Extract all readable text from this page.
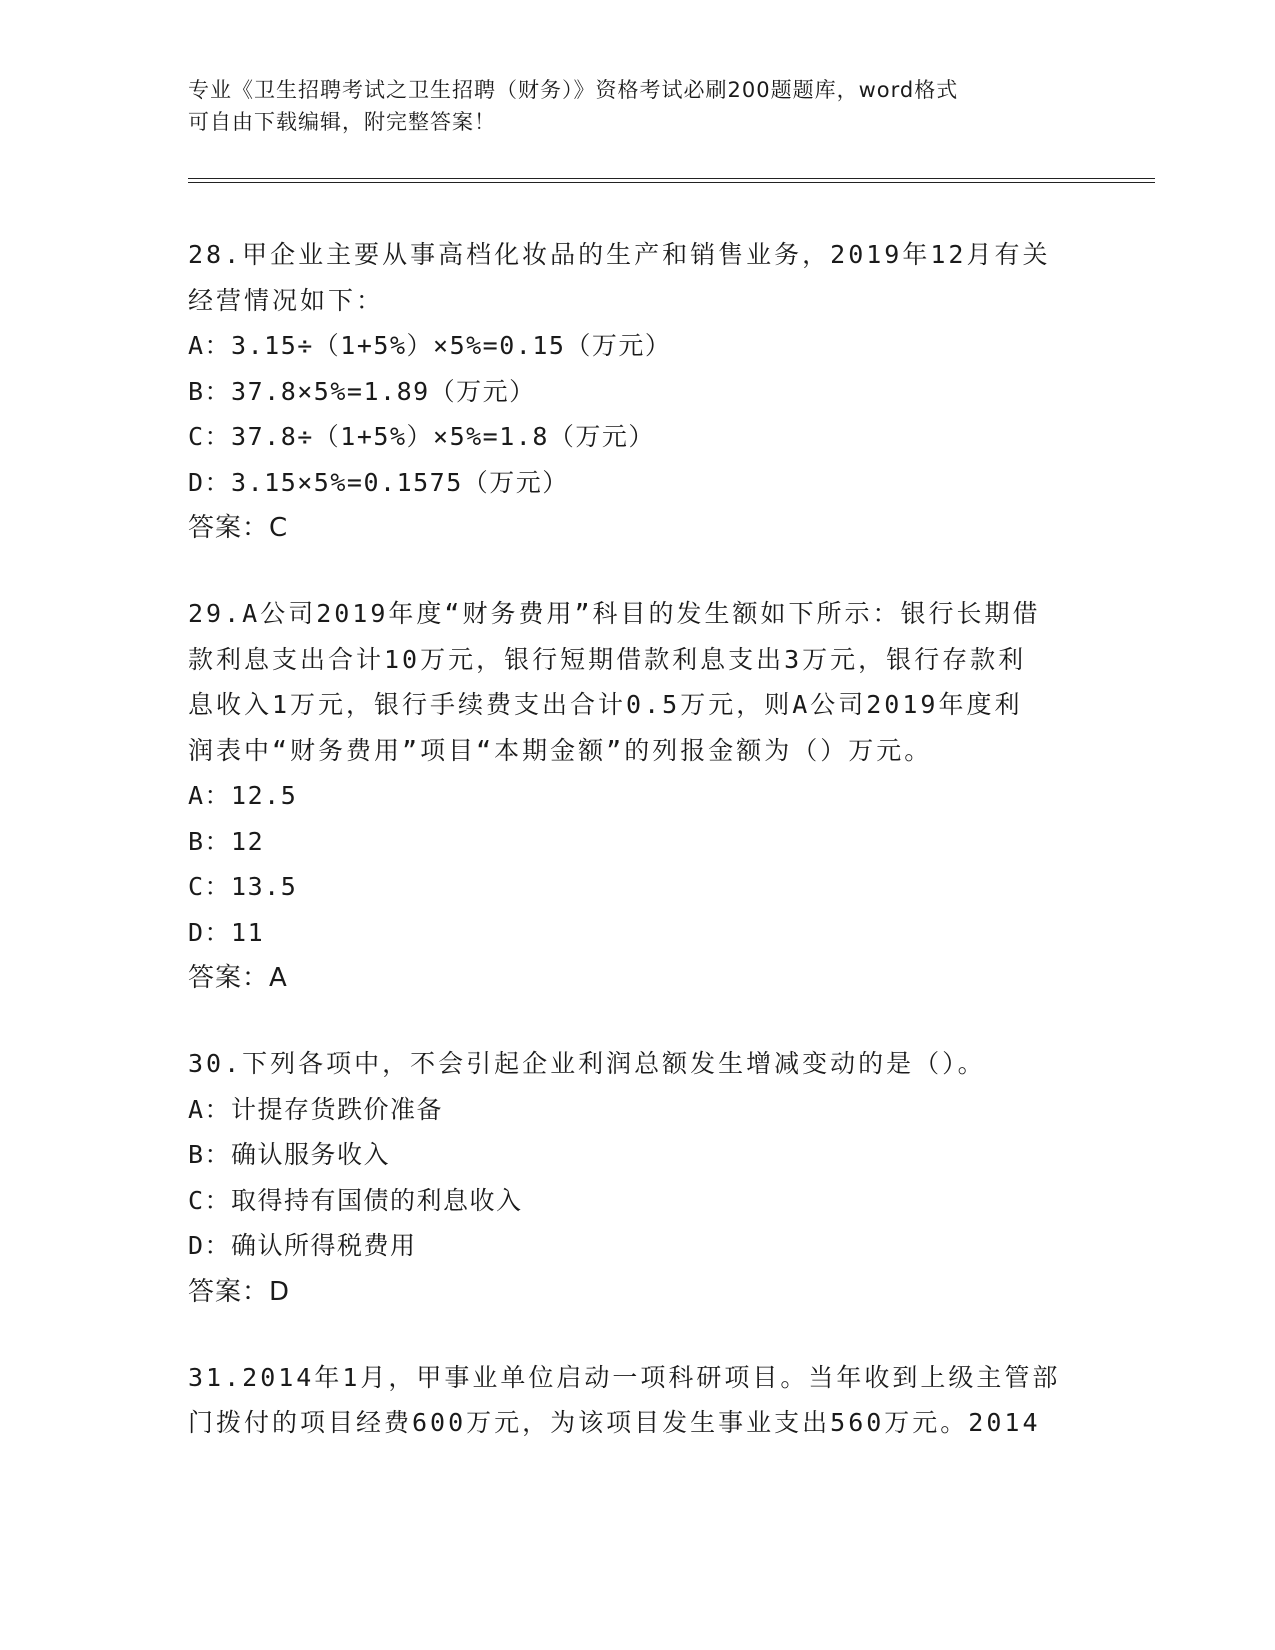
专业《卫生招聘考试之卫生招聘（财务）》资格考试必刷200题题库，word格式
可自由下载编辑，附完整答案！
28.甲企业主要从事高档化妆品的生产和销售业务，2019年12月有关
经营情况如下：
A：3.15÷（1+5%）×5%=0.15（万元）
B：37.8×5%=1.89（万元）
C：37.8÷（1+5%）×5%=1.8（万元）
D：3.15×5%=0.1575（万元）
答案：C
29.A公司2019年度“财务费用”科目的发生额如下所示：银行长期借
款利息支出合计10万元，银行短期借款利息支出3万元，银行存款利
息收入1万元，银行手续费支出合计0.5万元，则A公司2019年度利
润表中“财务费用”项目“本期金额”的列报金额为（）万元。
A：12.5
B：12
C：13.5
D：11
答案：A
30.下列各项中，不会引起企业利润总额发生增减变动的是（）。
A：计提存货跌价准备
B：确认服务收入
C：取得持有国债的利息收入
D：确认所得税费用
答案：D
31.2014年1月，甲事业单位启动一项科研项目。当年收到上级主管部
门拨付的项目经费600万元，为该项目发生事业支出560万元。2014
